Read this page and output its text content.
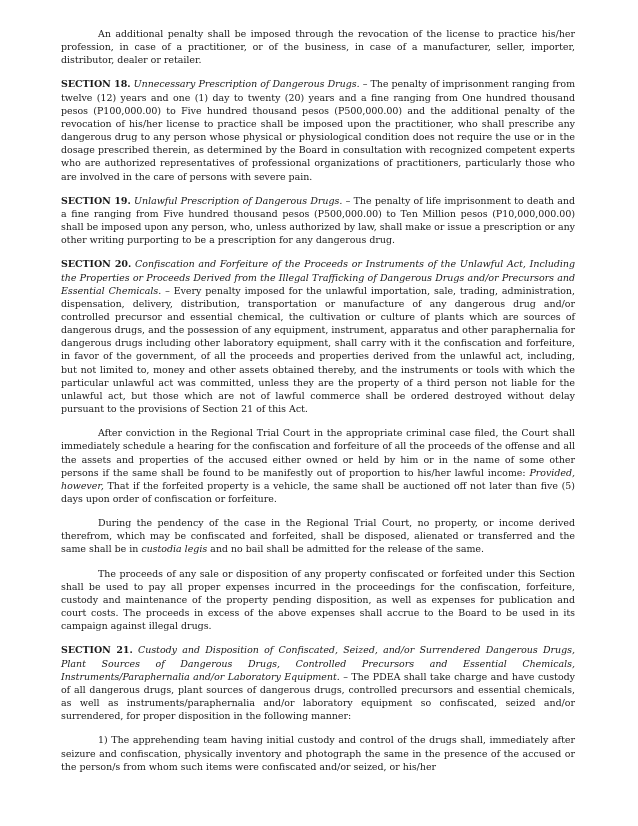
An additional penalty shall be imposed through the revocation of the license to practice his/her profession, in case of a practitioner, or of the business, in case of a manufacturer, seller, importer, distributor, dealer or retailer.

SECTION 18. Unnecessary Prescription of Dangerous Drugs. – The penalty of imprisonment ranging from twelve (12) years and one (1) day to twenty (20) years and a fine ranging from One hundred thousand pesos (P100,000.00) to Five hundred thousand pesos (P500,000.00) and the additional penalty of the revocation of his/her license to practice shall be imposed upon the practitioner, who shall prescribe any dangerous drug to any person whose physical or physiological condition does not require the use or in the dosage prescribed therein, as determined by the Board in consultation with recognized competent experts who are authorized representatives of professional organizations of practitioners, particularly those who are involved in the care of persons with severe pain.

SECTION 19. Unlawful Prescription of Dangerous Drugs. – The penalty of life imprisonment to death and a fine ranging from Five hundred thousand pesos (P500,000.00) to Ten Million pesos (P10,000,000.00) shall be imposed upon any person, who, unless authorized by law, shall make or issue a prescription or any other writing purporting to be a prescription for any dangerous drug.

SECTION 20. Confiscation and Forfeiture of the Proceeds or Instruments of the Unlawful Act, Including the Properties or Proceeds Derived from the Illegal Trafficking of Dangerous Drugs and/or Precursors and Essential Chemicals. – Every penalty imposed for the unlawful importation, sale, trading, administration, dispensation, delivery, distribution, transportation or manufacture of any dangerous drug and/or controlled precursor and essential chemical, the cultivation or culture of plants which are sources of dangerous drugs, and the possession of any equipment, instrument, apparatus and other paraphernalia for dangerous drugs including other laboratory equipment, shall carry with it the confiscation and forfeiture, in favor of the government, of all the proceeds and properties derived from the unlawful act, including, but not limited to, money and other assets obtained thereby, and the instruments or tools with which the particular unlawful act was committed, unless they are the property of a third person not liable for the unlawful act, but those which are not of lawful commerce shall be ordered destroyed without delay pursuant to the provisions of Section 21 of this Act.

After conviction in the Regional Trial Court in the appropriate criminal case filed, the Court shall immediately schedule a hearing for the confiscation and forfeiture of all the proceeds of the offense and all the assets and properties of the accused either owned or held by him or in the name of some other persons if the same shall be found to be manifestly out of proportion to his/her lawful income: Provided, however, That if the forfeited property is a vehicle, the same shall be auctioned off not later than five (5) days upon order of confiscation or forfeiture.

During the pendency of the case in the Regional Trial Court, no property, or income derived therefrom, which may be confiscated and forfeited, shall be disposed, alienated or transferred and the same shall be in custodia legis and no bail shall be admitted for the release of the same.

The proceeds of any sale or disposition of any property confiscated or forfeited under this Section shall be used to pay all proper expenses incurred in the proceedings for the confiscation, forfeiture, custody and maintenance of the property pending disposition, as well as expenses for publication and court costs. The proceeds in excess of the above expenses shall accrue to the Board to be used in its campaign against illegal drugs.

SECTION 21. Custody and Disposition of Confiscated, Seized, and/or Surrendered Dangerous Drugs, Plant Sources of Dangerous Drugs, Controlled Precursors and Essential Chemicals, Instruments/Paraphernalia and/or Laboratory Equipment. – The PDEA shall take charge and have custody of all dangerous drugs, plant sources of dangerous drugs, controlled precursors and essential chemicals, as well as instruments/paraphernalia and/or laboratory equipment so confiscated, seized and/or surrendered, for proper disposition in the following manner:

1) The apprehending team having initial custody and control of the drugs shall, immediately after seizure and confiscation, physically inventory and photograph the same in the presence of the accused or the person/s from whom such items were confiscated and/or seized, or his/her
